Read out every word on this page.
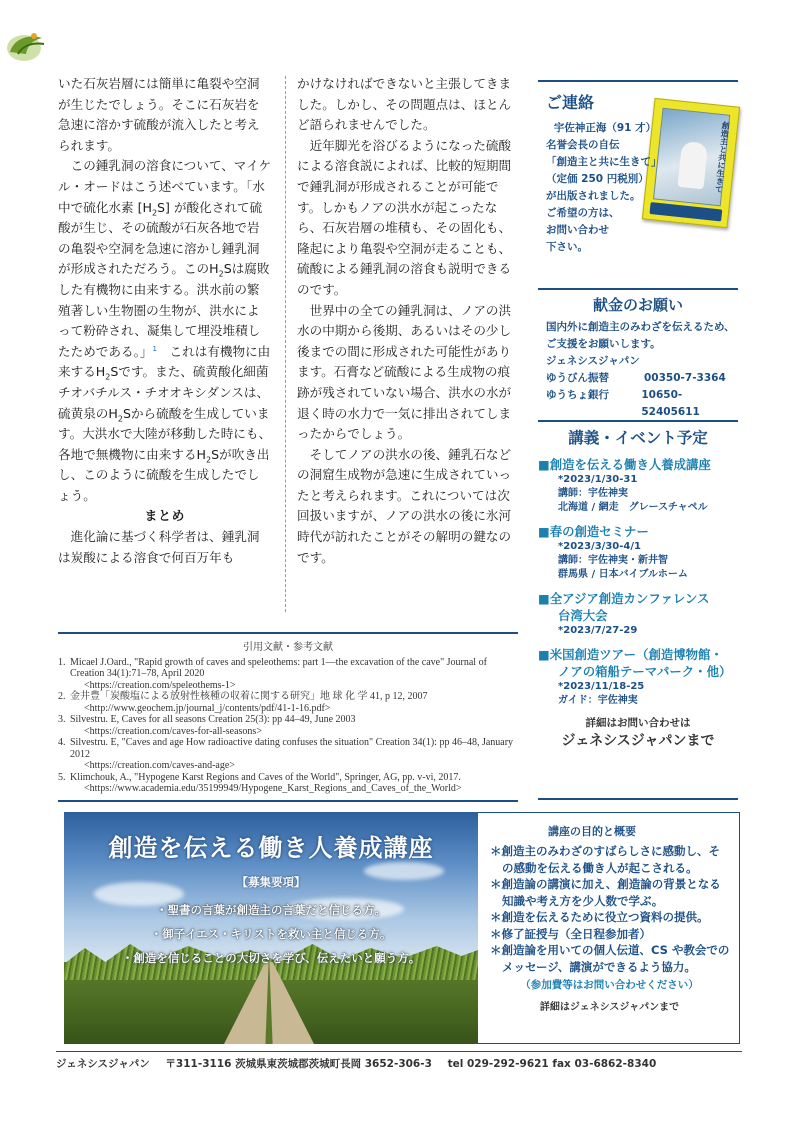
いた石灰岩層には簡単に亀裂や空洞が生じたでしょう。そこに石灰岩を急速に溶かす硫酸が流入したと考えられます。

この鍾乳洞の溶食について、マイケル・オードはこう述べています。「水中で硫化水素 $[H_2S]$ が酸化されて硫酸が生じ、その硫酸が石灰各地で岩の亀裂や空洞を急速に溶かし鍾乳洞が形成されただろう。この$H_2S$は腐敗した有機物に由来する。洪水前の繁殖著しい生物圏の生物が、洪水によって粉砕され、凝集して埋没堆積したためである。」$^1$　 これは有機物に由来する$H_2S$です。また、硫黄酸化細菌チオバチルス・チオオキシダンスは、硫黄泉の$H_2S$から硫酸を生成しています。大洪水で大陸が移動した時にも、各地で無機物に由来する$H_2S$が吹き出し、このように硫酸を生成したでしょう。

まとめ

進化論に基づく科学者は、鍾乳洞は炭酸による溶食で何百万年も

かけなければできないと主張してきました。しかし、その問題点は、ほとんど語られませんでした。

近年脚光を浴びるようになった硫酸による溶食説によれば、比較的短期間で鍾乳洞が形成されることが可能です。しかもノアの洪水が起こったなら、石灰岩層の堆積も、その固化も、隆起により亀裂や空洞が走ることも、硫酸による鍾乳洞の溶食も説明できるのです。

世界中の全ての鍾乳洞は、ノアの洪水の中期から後期、あるいはその少し後までの間に形成された可能性があります。石膏など硫酸による生成物の痕跡が残されていない場合、洪水の水が退く時の水力で一気に排出されてしまったからでしょう。

そしてノアの洪水の後、鍾乳石などの洞窟生成物が急速に生成されていったと考えられます。これについては次回扱いますが、ノアの洪水の後に氷河時代が訪れたことがその解明の鍵なのです。

ご連絡
創造主と共に生きて
宇佐神正海（91 才）
名誉会長の自伝
「創造主と共に生きて」
（定価 250 円税別）
が出版されました。
ご希望の方は、
お問い合わせ
下さい。
献金のお願い
国内外に創造主のみわざを伝えるため、ご支援をお願いします。
ジェネシスジャパン
ゆうびん振替	00350-7-3364
ゆうちょ銀行	10650-52405611
講義・イベント予定
■創造を伝える働き人養成講座
*2023/1/30-31
講師：宇佐神実
北海道 / 網走　グレースチャペル
■春の創造セミナー
*2023/3/30-4/1
講師：宇佐神実・新井智
群馬県 / 日本バイブルホーム
■全アジア創造カンファレンス
台湾大会
*2023/7/27-29
■米国創造ツアー（創造博物館・
ノアの箱船テーマパーク・他）
*2023/11/18-25
ガイド：宇佐神実
詳細はお問い合わせは
ジェネシスジャパンまで
引用文献・参考文献
1. Micael J.Oard., "Rapid growth of caves and speleothems: part 1—the excavation of the cave" Journal of Creation 34(1):71–78, April 2020
<https://creation.com/speleothems-1>
2. 金井豊「炭酸塩による放射性核種の収着に関する研究」地 球 化 学 41, p 12, 2007
<http://www.geochem.jp/journal_j/contents/pdf/41-1-16.pdf>
3. Silvestru. E, Caves for all seasons Creation 25(3): pp 44–49, June 2003
<https://creation.com/caves-for-all-seasons>
4. Silvestru. E, "Caves and age How radioactive dating confuses the situation" Creation 34(1): pp 46–48, January 2012
<https://creation.com/caves-and-age>
5. Klimchouk, A., "Hypogene Karst Regions and Caves of the World", Springer, AG, pp. v-vi, 2017.
<https://www.academia.edu/35199949/Hypogene_Karst_Regions_and_Caves_of_the_World>
創造を伝える働き人養成講座
【募集要項】
・聖書の言葉が創造主の言葉だと信じる方。
・御子イエス・キリストを救い主と信じる方。
・創造を信じることの大切さを学び、伝えたいと願う方。
講座の目的と概要
＊創造主のみわざのすばらしさに感動し、その感動を伝える働き人が起こされる。
＊創造論の講演に加え、創造論の背景となる知識や考え方を少人数で学ぶ。
＊創造を伝えるために役立つ資料の提供。
＊修了証授与（全日程参加者）
＊創造論を用いての個人伝道、CS や教会でのメッセージ、講演ができるよう協力。
（参加費等はお問い合わせください）
詳細はジェネシスジャパンまで
ジェネシスジャパン 〒311-3116 茨城県東茨城郡茨城町長岡 3652-306-3 tel 029-292-9621 fax 03-6862-8340
